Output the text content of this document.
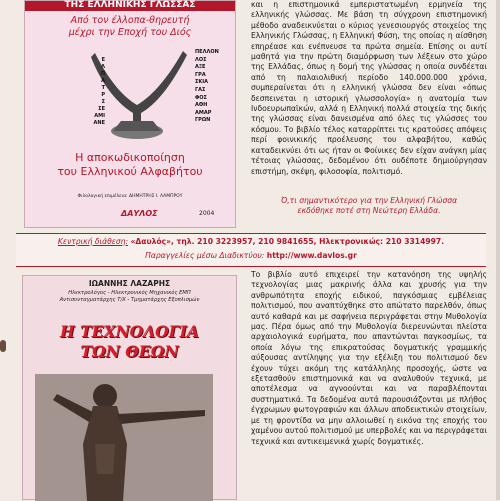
ΤΗΣ ΕΛΛΗΝΙΚΗΣ ΓΛΩΣΣΑΣ
Από τον έλλοπα-θηρευτή
μέχρι την Εποχή του Διός
Ε
Λ
Π
Α
Τ
Ρ
Σ
ΣΕ
ΑΜΙ
ΑΝΕ
ΠΕΛΛΟΝ
ΛΟΣ
ΑΞΕ
ΓΡΑ
ΣΚΙΑ
ΓΑΣ
ΦΟΣ
ΑΘΗ
ΑΜΑΡ
ΓΡΩΝ
Η αποκωδικοποίηση
του Ελληνικού Αλφαβήτου
Φιλολογική επιμέλεια: ΔΗΜΗΤΡΗΣ Ι. ΛΑΜΠΡΟΥ
ΔΑΥΛΟΣ	2004
και η επιστημονικά εμπεριστατωμένη ερμηνεία της ελληνικής γλώσσας. Με βάση τη σύγχρονη επιστημονική μέθοδο αναδεικνύεται ο κύριος γενεσιουργός στοιχείος της Ελληνικής Γλώσσας, η Ελληνική Φύση, της οποίας η αίσθηση επηρέασε και ενέπνευσε τα πρώτα σημεία. Επίσης οι αυτί μαθητά για την πρώτη διαμόρφωση των λέξεων στο χώρο της Ελλάδας, όπως η δομή της γλώσσας η οποία συνδέεται από τη παλαιολιθική περίοδο 140.000.000 χρόνια, συμπεραίνεται ότι η ελληνική γλώσσα δεν είναι «όπως δεσπεινεται η ιστορική γλωσσολογία» η ανατομία των Ινδοευρωπαϊκών, αλλά η Ελληνική πολλά στοιχεία της δικής της γλώσσας είναι δανεισμένα από όλες τις γλώσσες του κόσμου. Το βιβλίο τέλος καταρρίπτει τις κρατούσες απόψεις περί φοινικικής προέλευσης του αλφαβήτου, καθώς καταδεικνύει ότι ως ήταν οι Φοίνικες δεν είχαν ανάγκη μίας τέτοιας γλώσσας, δεδομένου ότι ουδέποτε δημιούργησαν επιστήμη, σκέψη, φιλοσοφία, πολιτισμό.
Ό,τι σημαντικότερο για την Ελληνική Γλώσσα
εκδόθηκε ποτέ στη Νεώτερη Ελλάδα.
Κεντρική διάθεση: «Δαυλός», τηλ. 210 3223957, 210 9841655, Ηλεκτρονικώς: 210 3314997.
Παραγγελίες μέσω Διαδικτύου: http://www.davlos.gr
ΙΩΑΝΝΗΣ ΛΑΖΑΡΗΣ
Ηλεκτρολόγος - Ηλεκτρονικός Μηχανικός ΕΜΠ
Αντισυνταγματάρχης Τ/Χ - Τμηματάρχης Εξοπλισμών
Η ΤΕΧΝΟΛΟΓΙΑ
ΤΩΝ ΘΕΩΝ
Το βιβλίο αυτό επιχειρεί την κατανόηση της υψηλής τεχνολογίας μιας μακρινής άλλα και χρυσής για την ανθρωπότητα εποχής ειδικού, παγκόσμιας εμβέλειας πολιτισμού, που αναπτύχθηκε στο απώτατο παρελθόν, όπως αυτό καθαρά και με σαφήνεια περιγράφεται στην Μυθολογία μας. Πέρα όμως από την Μυθολογία διερευνώνται πλείστα αρχαιολογικά ευρήματα, που απαντώνται παγκοσμίως, τα οποία λόγω της επικρατούσας δογματικής γραμμικής αύξουσας αντίληψης για την εξέλιξη του πολιτισμού δεν έχουν τύχει ακόμη της κατάλληλης προσοχής, ώστε να εξετασθούν επιστημονικά και να αναλυθούν τεχνικά, με αποτέλεσμα να αγνοούνται και να παραβλέπονται συστηματικά. Τα δεδομένα αυτά παρουσιάζονται με πλήθος έγχρωμων φωτογραφιών και άλλων αποδεικτικών στοιχείων, με τη φροντίδα να μην αλλοιωθεί η εικόνα της εποχής του χαμένου αυτού πολιτισμού με υπερβολές και να περιγράφεται τεχνικά και αντικειμενικά χωρίς δογματικές.
